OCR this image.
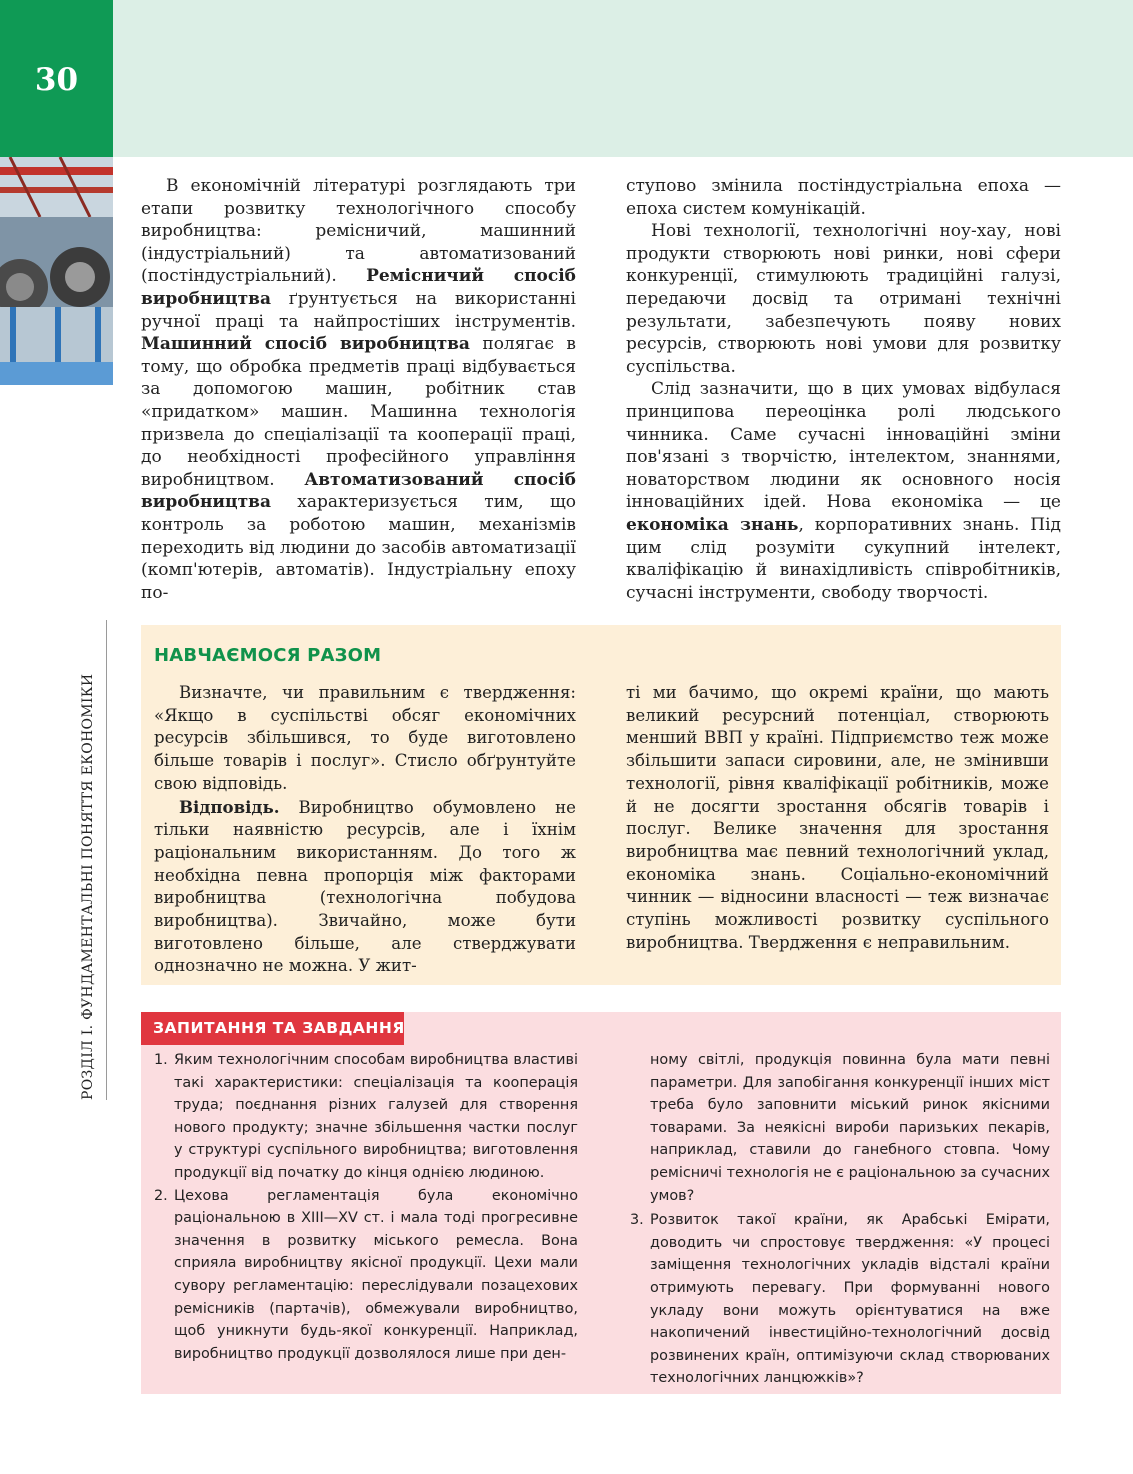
30
РОЗДІЛ І. ФУНДАМЕНТАЛЬНІ ПОНЯТТЯ ЕКОНОМІКИ

В економічній літературі розглядають три етапи розвитку технологічного способу виробництва: ремісничий, машинний (індустріальний) та автоматизований (постіндустріальний). Ремісничий спосіб виробництва ґрунтується на використанні ручної праці та найпростіших інструментів. Машинний спосіб виробництва полягає в тому, що обробка предметів праці відбувається за допомогою машин, робітник став «придатком» машин. Машинна технологія призвела до спеціалізації та кооперації праці, до необхідності професійного управління виробництвом. Автоматизований спосіб виробництва характеризується тим, що контроль за роботою машин, механізмів переходить від людини до засобів автоматизації (комп'ютерів, автоматів). Індустріальну епоху по-

ступово змінила постіндустріальна епоха — епоха систем комунікацій.

Нові технології, технологічні ноу-хау, нові продукти створюють нові ринки, нові сфери конкуренції, стимулюють традиційні галузі, передаючи досвід та отримані технічні результати, забезпечують появу нових ресурсів, створюють нові умови для розвитку суспільства.

Слід зазначити, що в цих умовах відбулася принципова переоцінка ролі людського чинника. Саме сучасні інноваційні зміни пов'язані з творчістю, інтелектом, знаннями, новаторством людини як основного носія інноваційних ідей. Нова економіка — це економіка знань, корпоративних знань. Під цим слід розуміти сукупний інтелект, кваліфікацію й винахідливість співробітників, сучасні інструменти, свободу творчості.

НАВЧАЄМОСЯ РАЗОМ

Визначте, чи правильним є твердження: «Якщо в суспільстві обсяг економічних ресурсів збільшився, то буде виготовлено більше товарів і послуг». Стисло обґрунтуйте свою відповідь.

Відповідь. Виробництво обумовлено не тільки наявністю ресурсів, але і їхнім раціональним використанням. До того ж необхідна певна пропорція між факторами виробництва (технологічна побудова виробництва). Звичайно, може бути виготовлено більше, але стверджувати однозначно не можна. У жит-

ті ми бачимо, що окремі країни, що мають великий ресурсний потенціал, створюють менший ВВП у країні. Підприємство теж може збільшити запаси сировини, але, не змінивши технології, рівня кваліфікації робітників, може й не досягти зростання обсягів товарів і послуг. Велике значення для зростання виробництва має певний технологічний уклад, економіка знань. Соціально-економічний чинник — відносини власності — теж визначає ступінь можливості розвитку суспільного виробництва. Твердження є неправильним.

ЗАПИТАННЯ ТА ЗАВДАННЯ

1. Яким технологічним способам виробництва властиві такі характеристики: спеціалізація та кооперація труда; поєднання різних галузей для створення нового продукту; значне збільшення частки послуг у структурі суспільного виробництва; виготовлення продукції від початку до кінця однією людиною.

2. Цехова регламентація була економічно раціональною в XIII—XV ст. і мала тоді прогресивне значення в розвитку міського ремесла. Вона сприяла виробництву якісної продукції. Цехи мали сувору регламентацію: переслідували позацехових ремісників (партачів), обмежували виробництво, щоб уникнути будь-якої конкуренції. Наприклад, виробництво продукції дозволялося лише при ден-

ному світлі, продукція повинна була мати певні параметри. Для запобігання конкуренції інших міст треба було заповнити міський ринок якісними товарами. За неякісні вироби паризьких пекарів, наприклад, ставили до ганебного стовпа. Чому ремісничі технологія не є раціональною за сучасних умов?

3. Розвиток такої країни, як Арабські Емірати, доводить чи спростовує твердження: «У процесі заміщення технологічних укладів відсталі країни отримують перевагу. При формуванні нового укладу вони можуть орієнтуватися на вже накопичений інвестиційно-технологічний досвід розвинених країн, оптимізуючи склад створюваних технологічних ланцюжків»?
